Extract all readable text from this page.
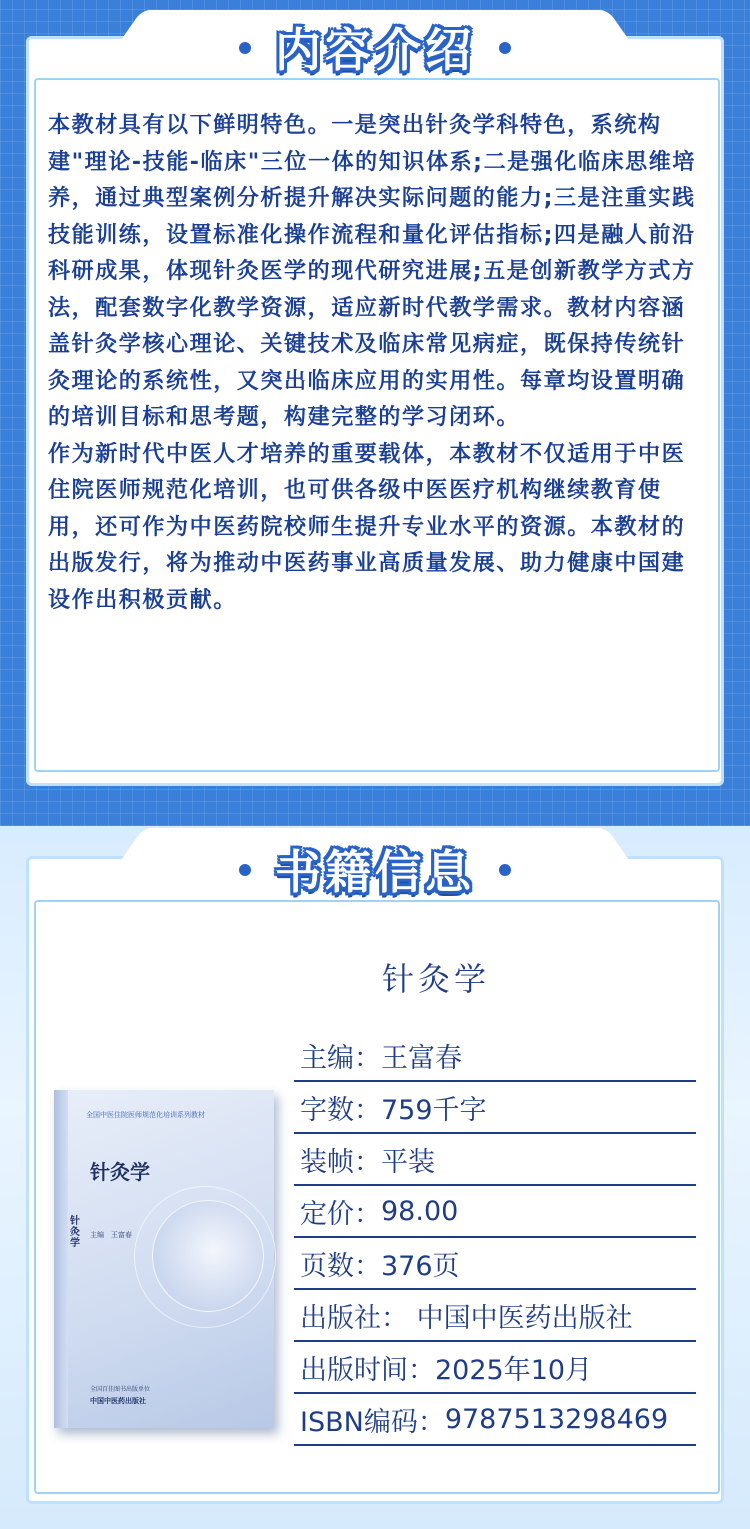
内容介绍

本教材具有以下鲜明特色。一是突出针灸学科特色，系统构建"理论-技能-临床"三位一体的知识体系;二是强化临床思维培养，通过典型案例分析提升解决实际问题的能力;三是注重实践技能训练，设置标准化操作流程和量化评估指标;四是融人前沿科研成果，体现针灸医学的现代研究进展;五是创新教学方式方法，配套数字化教学资源，适应新时代教学需求。教材内容涵盖针灸学核心理论、关键技术及临床常见病症，既保持传统针灸理论的系统性，又突出临床应用的实用性。每章均设置明确的培训目标和思考题，构建完整的学习闭环。

作为新时代中医人才培养的重要载体，本教材不仅适用于中医住院医师规范化培训，也可供各级中医医疗机构继续教育使用，还可作为中医药院校师生提升专业水平的资源。本教材的出版发行，将为推动中医药事业高质量发展、助力健康中国建设作出积极贡献。

书籍信息
针灸学
主编： 王富春
字数： 759千字
装帧： 平装
定价： 98.00
页数： 376页
出版社： 中国中医药出版社
出版时间： 2025年10月
ISBN编码： 9787513298469
全国中医住院医师规范化培训系列教材
针灸学
针灸学
主编　王富春
全国百佳图书出版单位
中国中医药出版社
